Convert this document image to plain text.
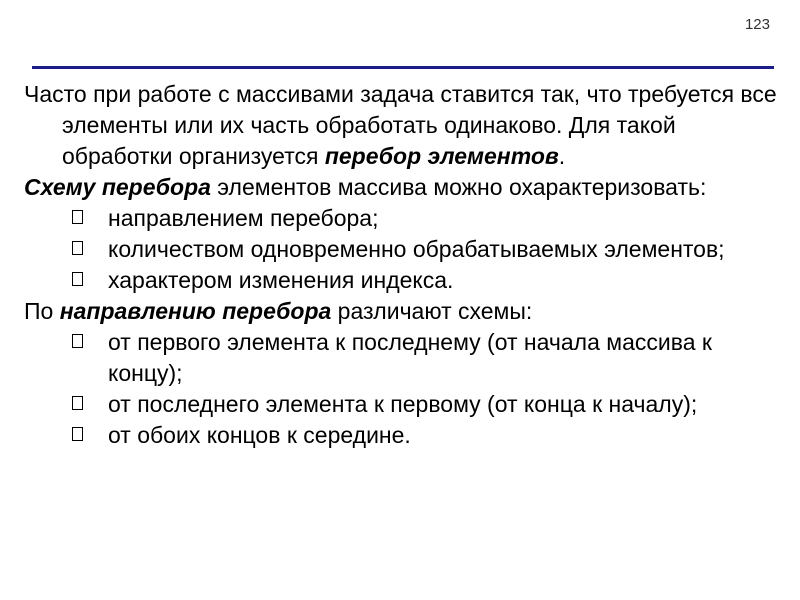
123

Часто при работе с массивами задача ставится так, что требуется все элементы или их часть обработать одинаково. Для такой обработки организуется перебор элементов.

Схему перебора элементов массива можно охарактеризовать:

направлением перебора;
количеством одновременно обрабатываемых элементов;
характером изменения индекса.

По направлению перебора различают схемы:

от первого элемента к последнему (от начала массива к концу);
от последнего элемента к первому (от конца к началу);
от обоих концов к середине.
